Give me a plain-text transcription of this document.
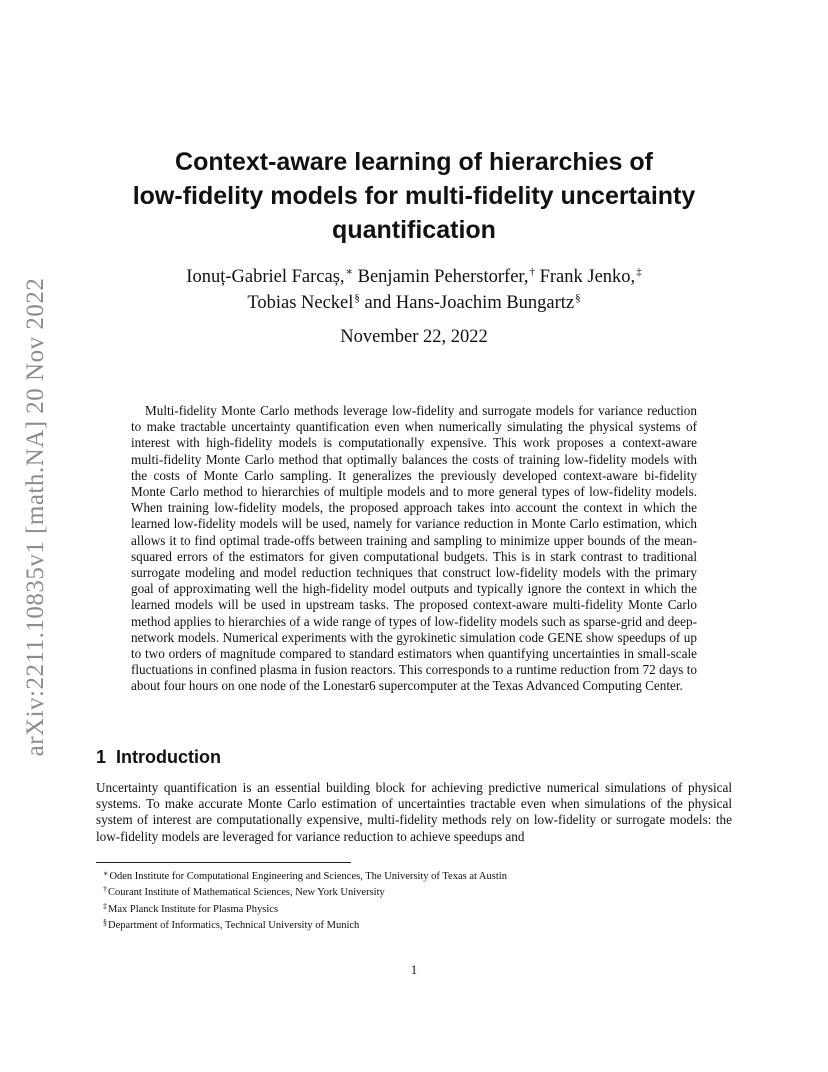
arXiv:2211.10835v1 [math.NA] 20 Nov 2022
Context-aware learning of hierarchies of
low-fidelity models for multi-fidelity uncertainty
quantification
Ionuț-Gabriel Farcaș,∗ Benjamin Peherstorfer,† Frank Jenko,‡
Tobias Neckel§ and Hans-Joachim Bungartz§
November 22, 2022

Multi-fidelity Monte Carlo methods leverage low-fidelity and surrogate models for variance reduction to make tractable uncertainty quantification even when numerically simulating the physical systems of interest with high-fidelity models is computationally expensive. This work proposes a context-aware multi-fidelity Monte Carlo method that optimally balances the costs of training low-fidelity models with the costs of Monte Carlo sampling. It generalizes the previously developed context-aware bi-fidelity Monte Carlo method to hierarchies of multiple models and to more general types of low-fidelity models. When training low-fidelity models, the proposed approach takes into account the context in which the learned low-fidelity models will be used, namely for variance reduction in Monte Carlo estimation, which allows it to find optimal trade-offs between training and sampling to minimize upper bounds of the mean-squared errors of the estimators for given computational budgets. This is in stark contrast to traditional surrogate modeling and model reduction techniques that construct low-fidelity models with the primary goal of approximating well the high-fidelity model outputs and typically ignore the context in which the learned models will be used in upstream tasks. The proposed context-aware multi-fidelity Monte Carlo method applies to hierarchies of a wide range of types of low-fidelity models such as sparse-grid and deep-network models. Numerical experiments with the gyrokinetic simulation code GENE show speedups of up to two orders of magnitude compared to standard estimators when quantifying uncertainties in small-scale fluctuations in confined plasma in fusion reactors. This corresponds to a runtime reduction from 72 days to about four hours on one node of the Lonestar6 supercomputer at the Texas Advanced Computing Center.

1 Introduction

Uncertainty quantification is an essential building block for achieving predictive numerical simulations of physical systems. To make accurate Monte Carlo estimation of uncertainties tractable even when simulations of the physical system of interest are computationally expensive, multi-fidelity methods rely on low-fidelity or surrogate models: the low-fidelity models are leveraged for variance reduction to achieve speedups and

∗Oden Institute for Computational Engineering and Sciences, The University of Texas at Austin
†Courant Institute of Mathematical Sciences, New York University
‡Max Planck Institute for Plasma Physics
§Department of Informatics, Technical University of Munich
1
